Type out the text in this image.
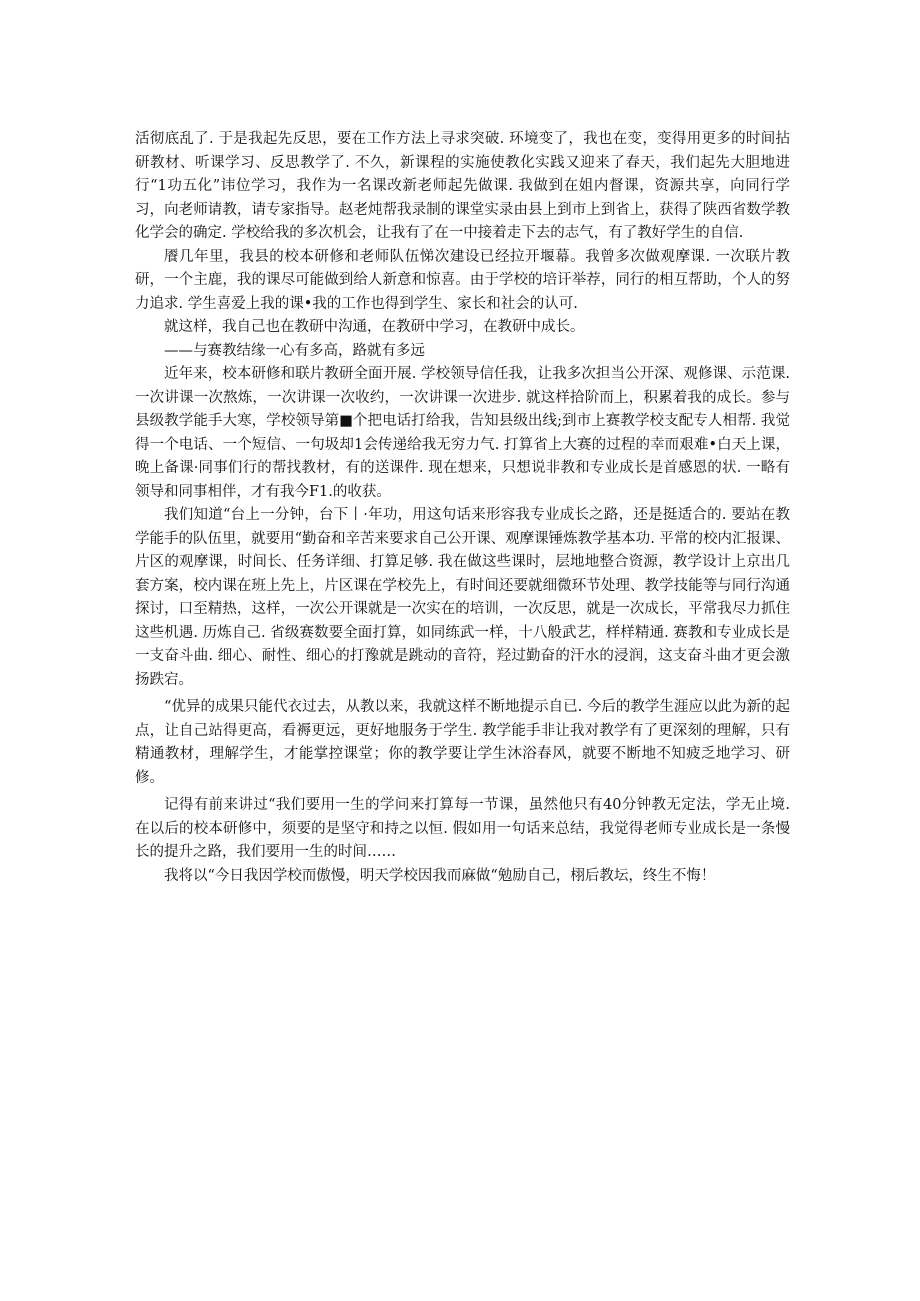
活彻底乱了. 于是我起先反思，要在工作方法上寻求突破. 环境变了，我也在变，变得用更多的时间拈研教材、听课学习、反思教学了. 不久，新课程的实施使教化实践又迎来了春天，我们起先大胆地进行“1功五化”讳位学习，我作为一名课改新老师起先做课. 我做到在姐内督课，资源共享，向同行学习，向老师请教，请专家指导。赵老炖帮我录制的课堂实录由县上到市上到省上，获得了陕西省数学教化学会的确定. 学校给我的多次机会，让我有了在一中接着走下去的志气，有了教好学生的自信.

餍几年里，我县的校本研修和老师队伍悌次建设已经拉开堰幕。我曾多次做观摩课. 一次联片教研，一个主鹿，我的课尽可能做到给人新意和惊喜。由于学校的培讦举荐，同行的相互帮助，个人的努力追求. 学生喜爱上我的课•我的工作也得到学生、家长和社会的认可.

就这样，我自己也在教研中沟通，在教研中学习，在教研中成长。

——与赛教结缘一心有多高，路就有多远

近年来，校本研修和联片教研全面开展. 学校领导信任我，让我多次担当公开深、观修课、示范课. 一次讲课一次熬炼，一次讲课一次收约，一次讲课一次进步. 就这样拾阶而上，积累着我的成长。参与县级教学能手大寒，学校领导第■个把电话打给我，告知县级出线;到市上赛教学校支配专人相帮. 我觉得一个电话、一个短信、一句圾却1会传递给我无穷力气. 打算省上大赛的过程的幸而艰难•白天上课，晚上备课·同事们行的帮找教材，有的送课件. 现在想来，只想说非教和专业成长是首感恩的状. 一略有领导和同事相伴，才有我今F1.的收获。

我们知道“台上一分钟，台下丨·年功，用这句话来形容我专业成长之路，还是挺适合的. 要站在教学能手的队伍里，就要用“勤奋和辛苦来要求自己公开课、观摩课锤炼教学基本功. 平常的校内汇报课、片区的观摩课，时间长、任务详细、打算足够. 我在做这些课时，层地地整合资源，教学设计上京出几套方案，校内课在班上先上，片区课在学校先上，有时间还要就细微环节处理、教学技能等与同行沟通探讨，口至精热，这样，一次公开课就是一次实在的培训，一次反思，就是一次成长，平常我尽力抓住这些机遇. 历炼自己. 省级赛数要全面打算，如同练武一样，十八般武艺，样样精通. 赛教和专业成长是一支奋斗曲. 细心、耐性、细心的打豫就是跳动的音符，羟过勤奋的汗水的浸润，这支奋斗曲才更会激扬跌宕。

“优异的成果只能代衣过去，从教以来，我就这样不断地提示自已. 今后的教学生涯应以此为新的起点，让自己站得更高，看褥更远，更好地服务于学生. 教学能手非让我对教学有了更深刻的理解，只有精通教材，理解学生，才能掌控课堂；你的教学要让学生沐浴春风，就要不断地不知疲乏地学习、研修。

记得有前来讲过“我们要用一生的学问来打算每一节课，虽然他只有40分钟教无定法，学无止境. 在以后的校本研修中，须要的是坚守和持之以恒. 假如用一句话来总结，我觉得老师专业成长是一条慢长的提升之路，我们要用一生的时间……

我将以“今日我因学校而傲慢，明天学校因我而麻做“勉励自己，栩后教坛，终生不悔！
